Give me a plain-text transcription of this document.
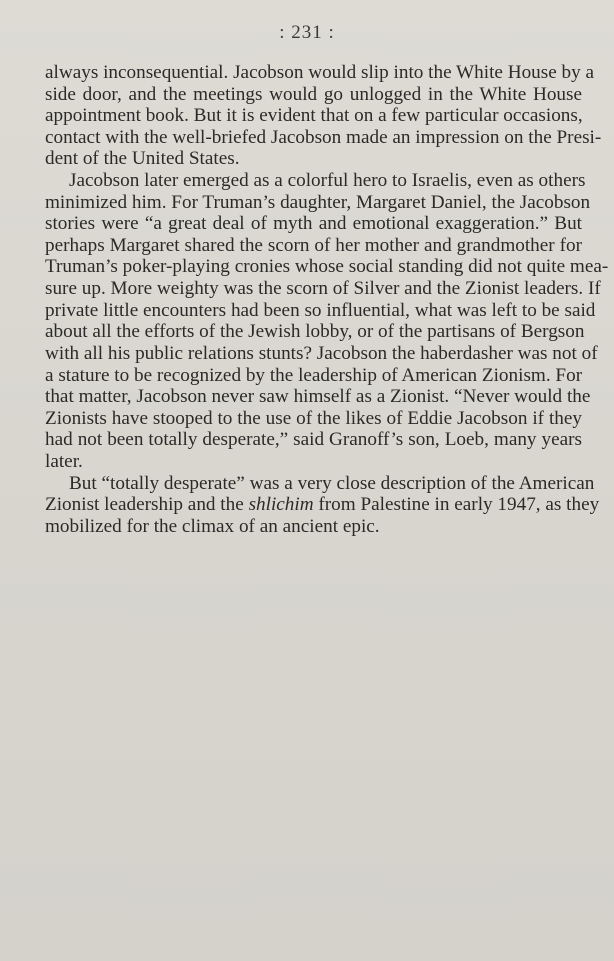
: 231 :
always inconsequential. Jacobson would slip into the White House by a
side door, and the meetings would go unlogged in the White House
appointment book. But it is evident that on a few particular occasions,
contact with the well-briefed Jacobson made an impression on the Presi-
dent of the United States.
Jacobson later emerged as a colorful hero to Israelis, even as others
minimized him. For Truman’s daughter, Margaret Daniel, the Jacobson
stories were “a great deal of myth and emotional exaggeration.” But
perhaps Margaret shared the scorn of her mother and grandmother for
Truman’s poker-playing cronies whose social standing did not quite mea-
sure up. More weighty was the scorn of Silver and the Zionist leaders. If
private little encounters had been so influential, what was left to be said
about all the efforts of the Jewish lobby, or of the partisans of Bergson
with all his public relations stunts? Jacobson the haberdasher was not of
a stature to be recognized by the leadership of American Zionism. For
that matter, Jacobson never saw himself as a Zionist. “Never would the
Zionists have stooped to the use of the likes of Eddie Jacobson if they
had not been totally desperate,” said Granoff’s son, Loeb, many years
later.
But “totally desperate” was a very close description of the American
Zionist leadership and the shlichim from Palestine in early 1947, as they
mobilized for the climax of an ancient epic.
